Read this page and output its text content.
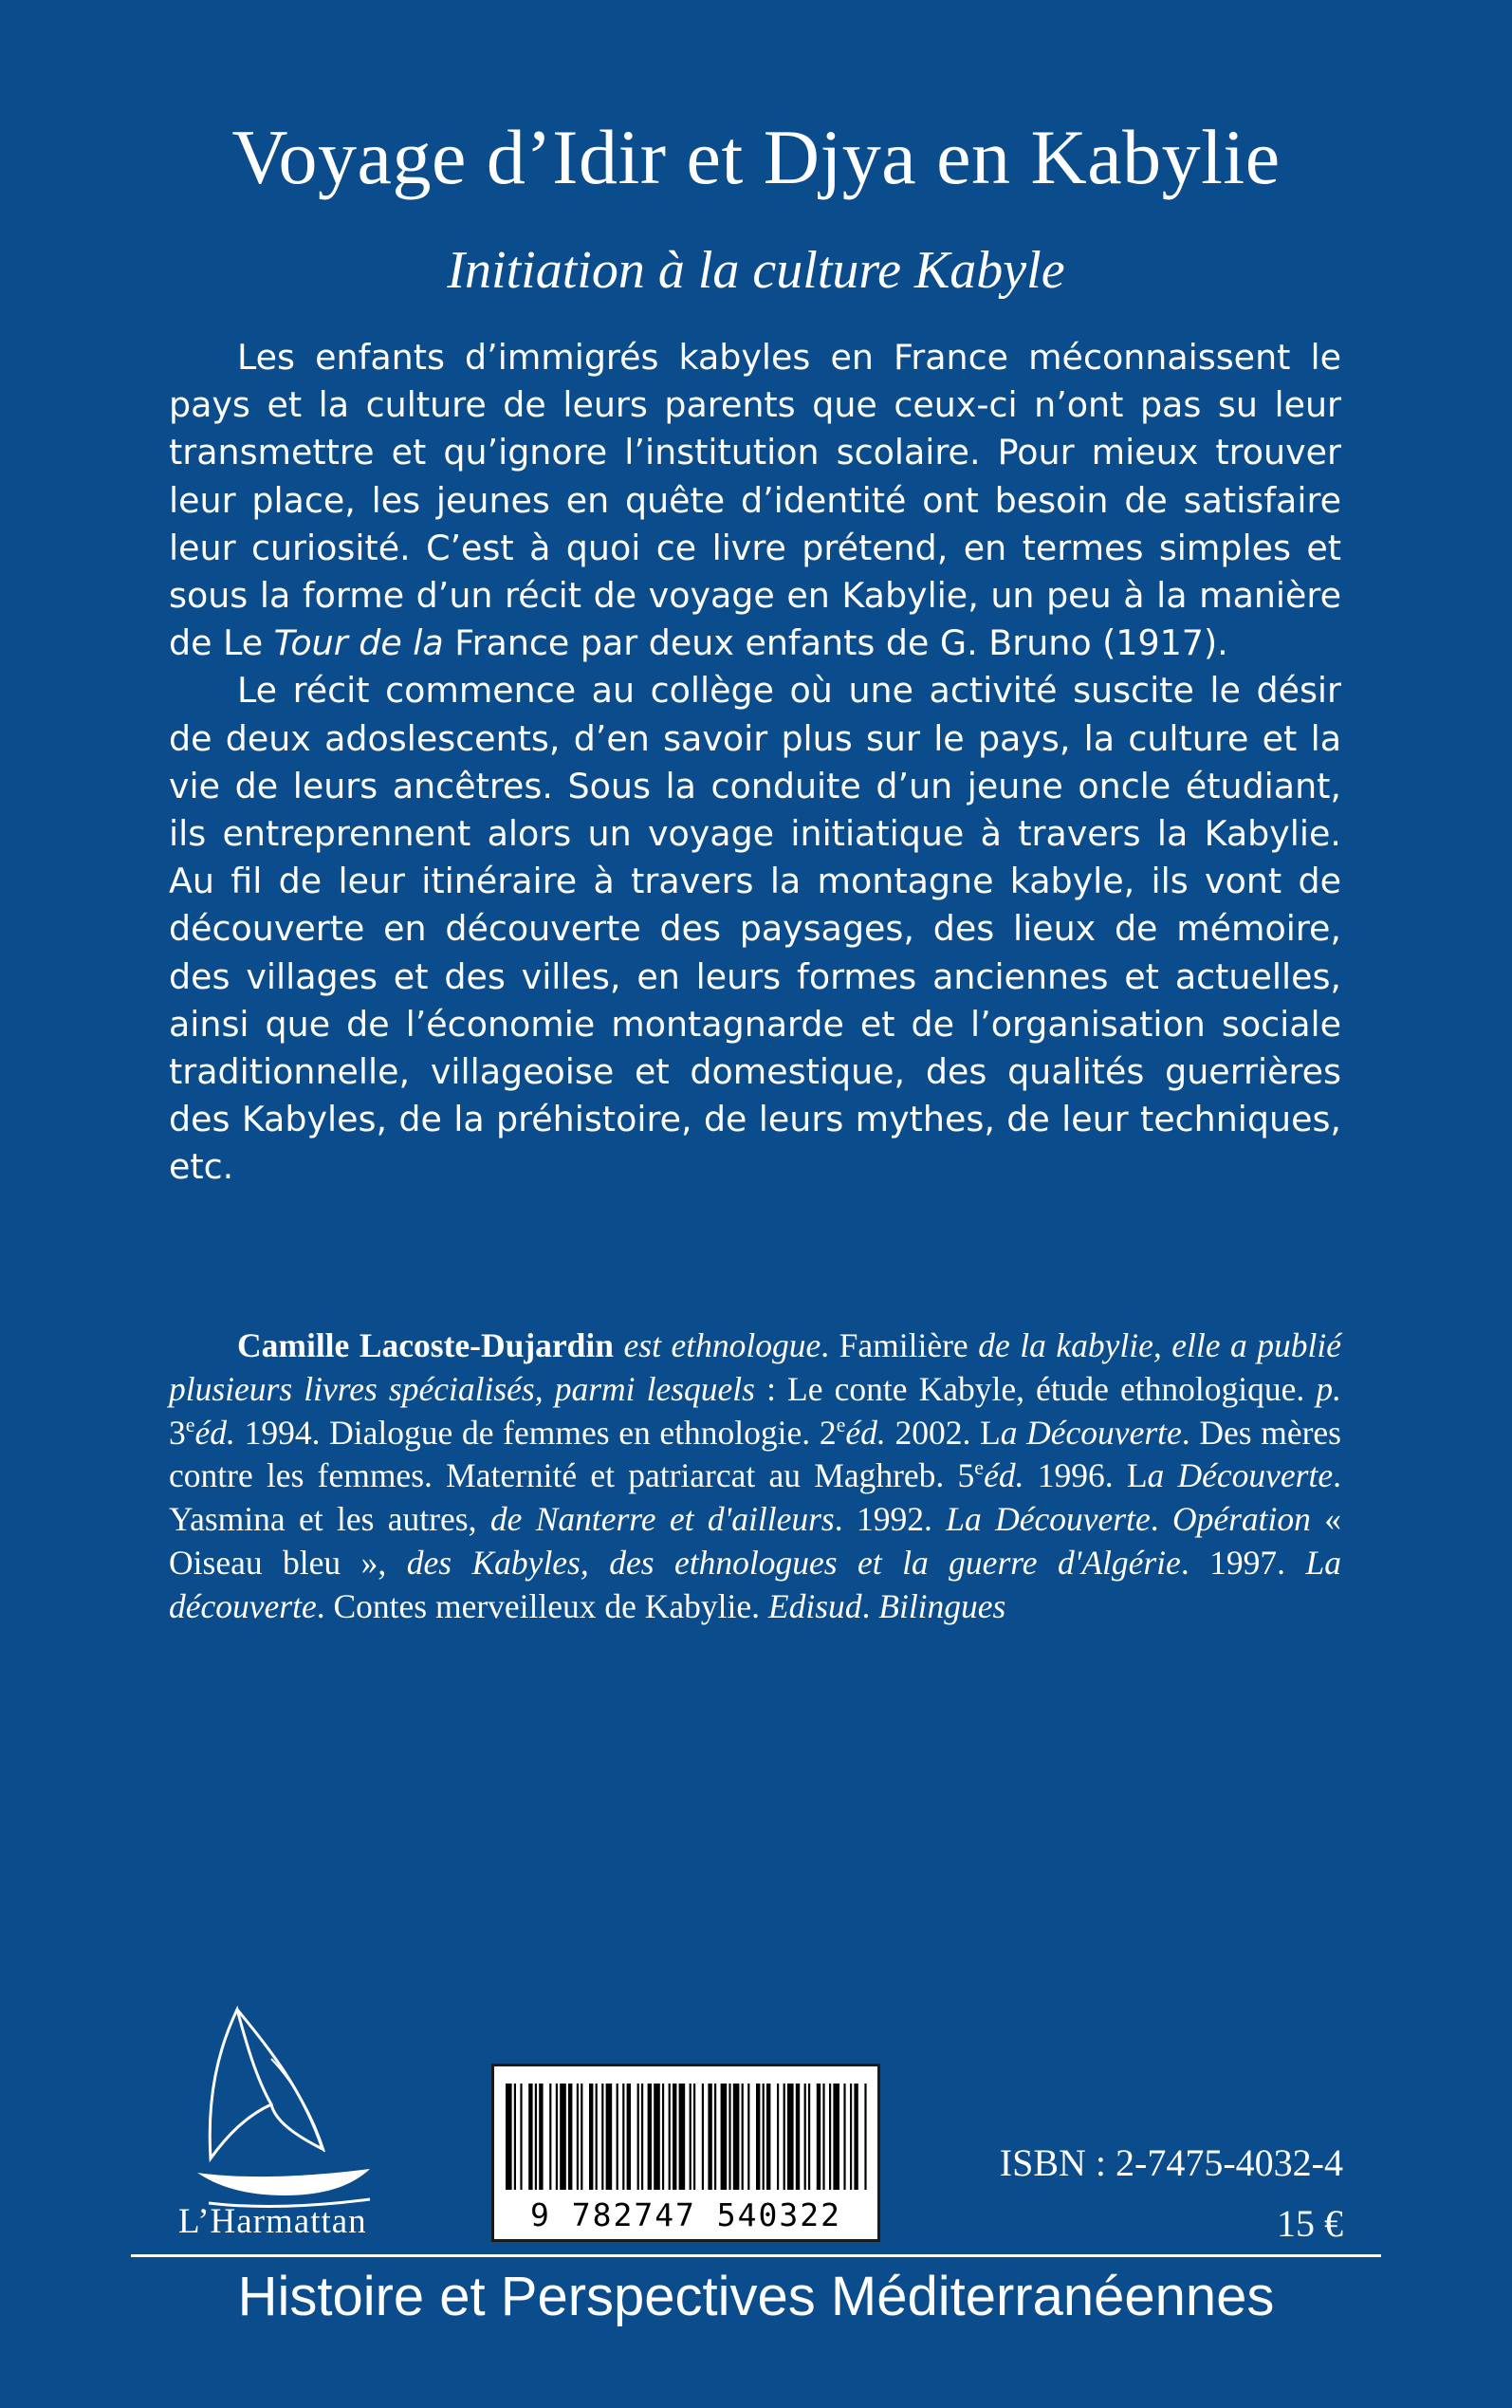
Voyage d’Idir et Djya en Kabylie
Initiation à la culture Kabyle

Les enfants d’immigrés kabyles en France méconnaissent le pays et la culture de leurs parents que ceux-ci n’ont pas su leur transmettre et qu’ignore l’institution scolaire. Pour mieux trouver leur place, les jeunes en quête d’identité ont besoin de satisfaire leur curiosité. C’est à quoi ce livre prétend, en termes simples et sous la forme d’un récit de voyage en Kabylie, un peu à la manière de Le Tour de la France par deux enfants de G. Bruno (1917).

Le récit commence au collège où une activité suscite le désir de deux adoslescents, d’en savoir plus sur le pays, la culture et la vie de leurs ancêtres. Sous la conduite d’un jeune oncle étudiant, ils entreprennent alors un voyage initiatique à travers la Kabylie. Au fil de leur itinéraire à travers la montagne kabyle, ils vont de découverte en découverte des paysages, des lieux de mémoire, des villages et des villes, en leurs formes anciennes et actuelles, ainsi que de l’économie montagnarde et de l’organisation sociale traditionnelle, villageoise et domestique, des qualités guerrières des Kabyles, de la préhistoire, de leurs mythes, de leur techniques, etc.

Camille Lacoste-Dujardin est ethnologue. Familière de la kabylie, elle a publié plusieurs livres spécialisés, parmi lesquels : Le conte Kabyle, étude ethnologique. p. 3eéd. 1994. Dialogue de femmes en ethnologie. 2eéd. 2002. La Découverte. Des mères contre les femmes. Maternité et patriarcat au Maghreb. 5eéd. 1996. La Découverte. Yasmina et les autres, de Nanterre et d'ailleurs. 1992. La Découverte. Opération « Oiseau bleu », des Kabyles, des ethnologues et la guerre d'Algérie. 1997. La découverte. Contes merveilleux de Kabylie. Edisud. Bilingues

L’Harmattan	9 782747 540322
ISBN : 2-7475-4032-4
15 €
Histoire et Perspectives Méditerranéennes
